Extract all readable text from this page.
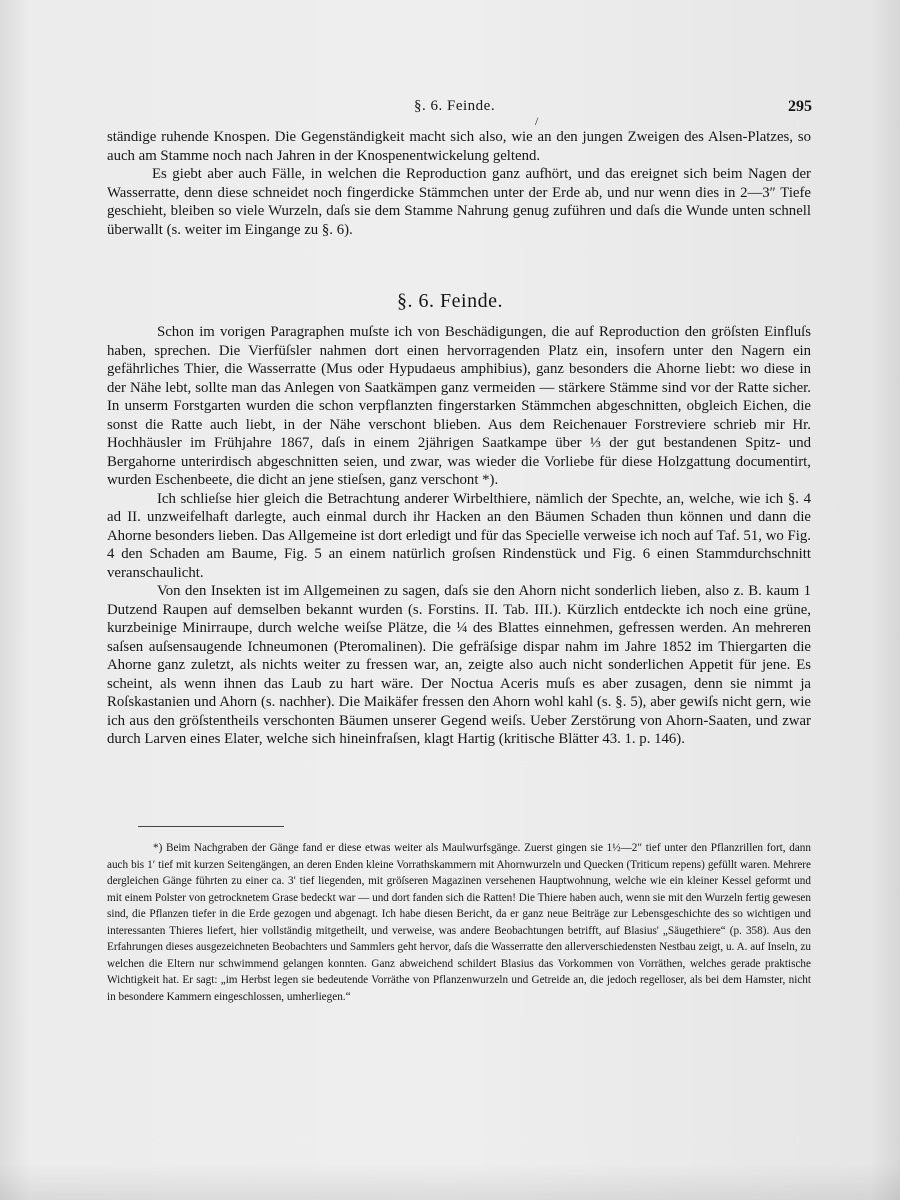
§. 6. Feinde.	295
/

ständige ruhende Knospen. Die Gegenständigkeit macht sich also, wie an den jungen Zweigen des Alsen-Platzes, so auch am Stamme noch nach Jahren in der Knospenentwickelung geltend.

Es giebt aber auch Fälle, in welchen die Reproduction ganz aufhört, und das ereignet sich beim Nagen der Wasserratte, denn diese schneidet noch fingerdicke Stämmchen unter der Erde ab, und nur wenn dies in 2—3″ Tiefe geschieht, bleiben so viele Wurzeln, daſs sie dem Stamme Nahrung genug zuführen und daſs die Wunde unten schnell überwallt (s. weiter im Eingange zu §. 6).

§. 6. Feinde.

Schon im vorigen Paragraphen muſste ich von Beschädigungen, die auf Reproduction den gröſsten Einfluſs haben, sprechen. Die Vierfüſsler nahmen dort einen hervorragenden Platz ein, insofern unter den Nagern ein gefährliches Thier, die Wasserratte (Mus oder Hypudaeus amphibius), ganz besonders die Ahorne liebt: wo diese in der Nähe lebt, sollte man das Anlegen von Saatkämpen ganz vermeiden — stärkere Stämme sind vor der Ratte sicher. In unserm Forstgarten wurden die schon verpflanzten fingerstarken Stämmchen abgeschnitten, obgleich Eichen, die sonst die Ratte auch liebt, in der Nähe verschont blieben. Aus dem Reichenauer Forstreviere schrieb mir Hr. Hochhäusler im Frühjahre 1867, daſs in einem 2jährigen Saatkampe über ⅓ der gut bestandenen Spitz- und Bergahorne unterirdisch abgeschnitten seien, und zwar, was wieder die Vorliebe für diese Holzgattung documentirt, wurden Eschenbeete, die dicht an jene stieſsen, ganz verschont *).

Ich schlieſse hier gleich die Betrachtung anderer Wirbelthiere, nämlich der Spechte, an, welche, wie ich §. 4 ad II. unzweifelhaft darlegte, auch einmal durch ihr Hacken an den Bäumen Schaden thun können und dann die Ahorne besonders lieben. Das Allgemeine ist dort erledigt und für das Specielle verweise ich noch auf Taf. 51, wo Fig. 4 den Schaden am Baume, Fig. 5 an einem natürlich groſsen Rindenstück und Fig. 6 einen Stammdurchschnitt veranschaulicht.

Von den Insekten ist im Allgemeinen zu sagen, daſs sie den Ahorn nicht sonderlich lieben, also z. B. kaum 1 Dutzend Raupen auf demselben bekannt wurden (s. Forstins. II. Tab. III.). Kürzlich entdeckte ich noch eine grüne, kurzbeinige Minirraupe, durch welche weiſse Plätze, die ¼ des Blattes einnehmen, gefressen werden. An mehreren saſsen auſsensaugende Ichneumonen (Pteromalinen). Die gefräſsige dispar nahm im Jahre 1852 im Thiergarten die Ahorne ganz zuletzt, als nichts weiter zu fressen war, an, zeigte also auch nicht sonderlichen Appetit für jene. Es scheint, als wenn ihnen das Laub zu hart wäre. Der Noctua Aceris muſs es aber zusagen, denn sie nimmt ja Roſskastanien und Ahorn (s. nachher). Die Maikäfer fressen den Ahorn wohl kahl (s. §. 5), aber gewiſs nicht gern, wie ich aus den gröſstentheils verschonten Bäumen unserer Gegend weiſs. Ueber Zerstörung von Ahorn-Saaten, und zwar durch Larven eines Elater, welche sich hineinfraſsen, klagt Hartig (kritische Blätter 43. 1. p. 146).

*) Beim Nachgraben der Gänge fand er diese etwas weiter als Maulwurfsgänge. Zuerst gingen sie 1½—2″ tief unter den Pflanzrillen fort, dann auch bis 1′ tief mit kurzen Seitengängen, an deren Enden kleine Vorrathskammern mit Ahornwurzeln und Quecken (Triticum repens) gefüllt waren. Mehrere dergleichen Gänge führten zu einer ca. 3′ tief liegenden, mit gröſseren Magazinen versehenen Hauptwohnung, welche wie ein kleiner Kessel geformt und mit einem Polster von getrocknetem Grase bedeckt war — und dort fanden sich die Ratten! Die Thiere haben auch, wenn sie mit den Wurzeln fertig gewesen sind, die Pflanzen tiefer in die Erde gezogen und abgenagt. Ich habe diesen Bericht, da er ganz neue Beiträge zur Lebensgeschichte des so wichtigen und interessanten Thieres liefert, hier vollständig mitgetheilt, und verweise, was andere Beobachtungen betrifft, auf Blasius' „Säugethiere“ (p. 358). Aus den Erfahrungen dieses ausgezeichneten Beobachters und Sammlers geht hervor, daſs die Wasserratte den allerverschiedensten Nestbau zeigt, u. A. auf Inseln, zu welchen die Eltern nur schwimmend gelangen konnten. Ganz abweichend schildert Blasius das Vorkommen von Vorräthen, welches gerade praktische Wichtigkeit hat. Er sagt: „im Herbst legen sie bedeutende Vorräthe von Pflanzenwurzeln und Getreide an, die jedoch regelloser, als bei dem Hamster, nicht in besondere Kammern eingeschlossen, umherliegen.“
